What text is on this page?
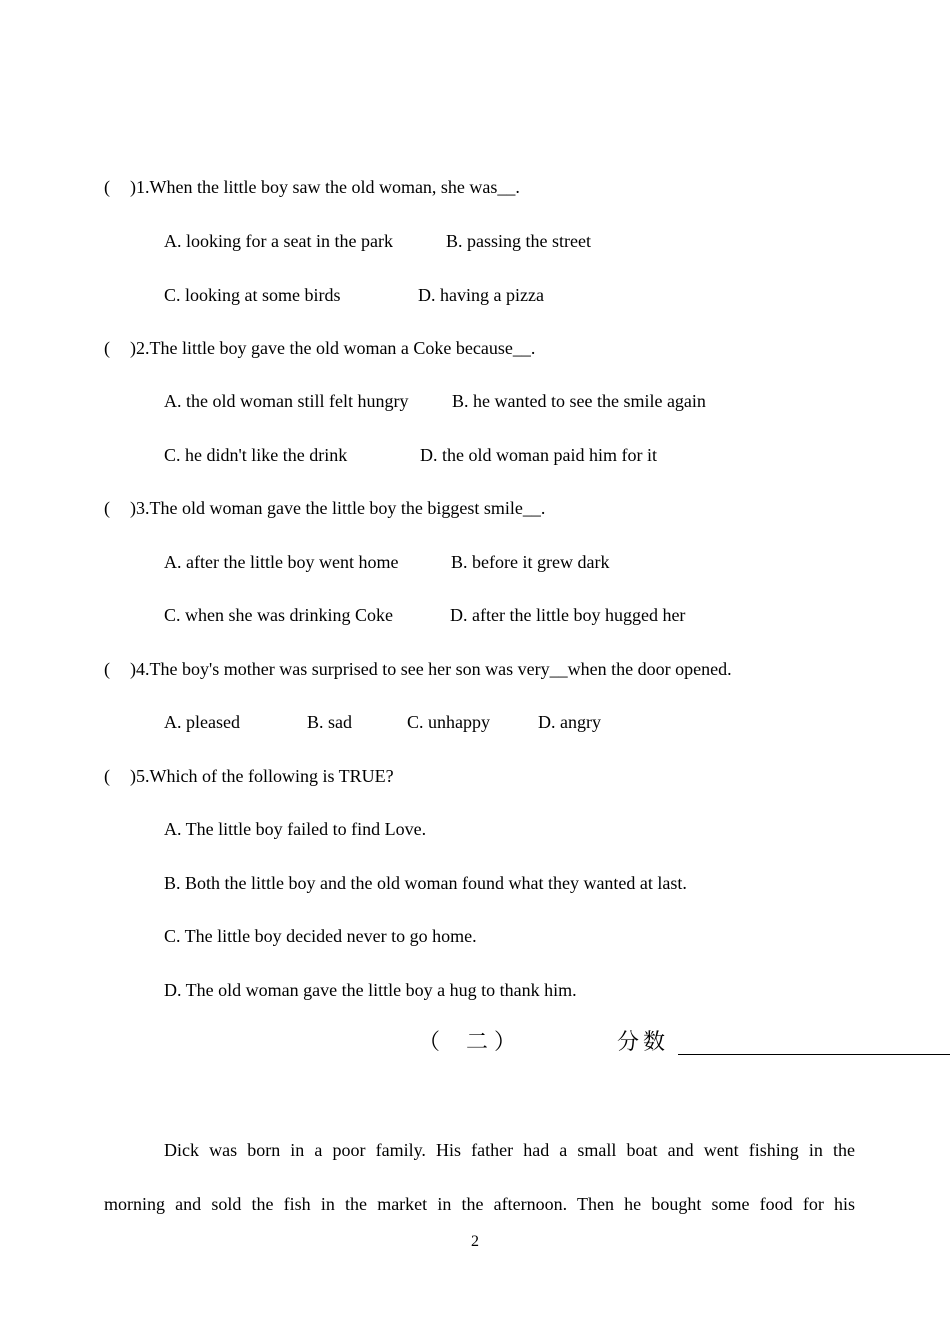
( )1.When the little boy saw the old woman, she was__.
A. looking for a seat in the park	B. passing the street
C. looking at some birds	D. having a pizza
( )2.The little boy gave the old woman a Coke because__.
A. the old woman still felt hungry B. he wanted to see the smile again
C. he didn't like the drink	D. the old woman paid him for it
( )3.The old woman gave the little boy the biggest smile__.
A. after the little boy went home	B. before it grew dark
C. when she was drinking Coke	D. after the little boy hugged her
( )4.The boy's mother was surprised to see her son was very__when the door opened.
A. pleased	B. sad	C. unhappy	D. angry
( )5.Which of the following is TRUE?
A. The little boy failed to find Love.
B. Both the little boy and the old woman found what they wanted at last.
C. The little boy decided never to go home.
D. The old woman gave the little boy a hug to thank him.
（ 二 ）	分数
Dick was born in a poor family. His father had a small boat and went fishing in the
morning and sold the fish in the market in the afternoon. Then he bought some food for his
2
